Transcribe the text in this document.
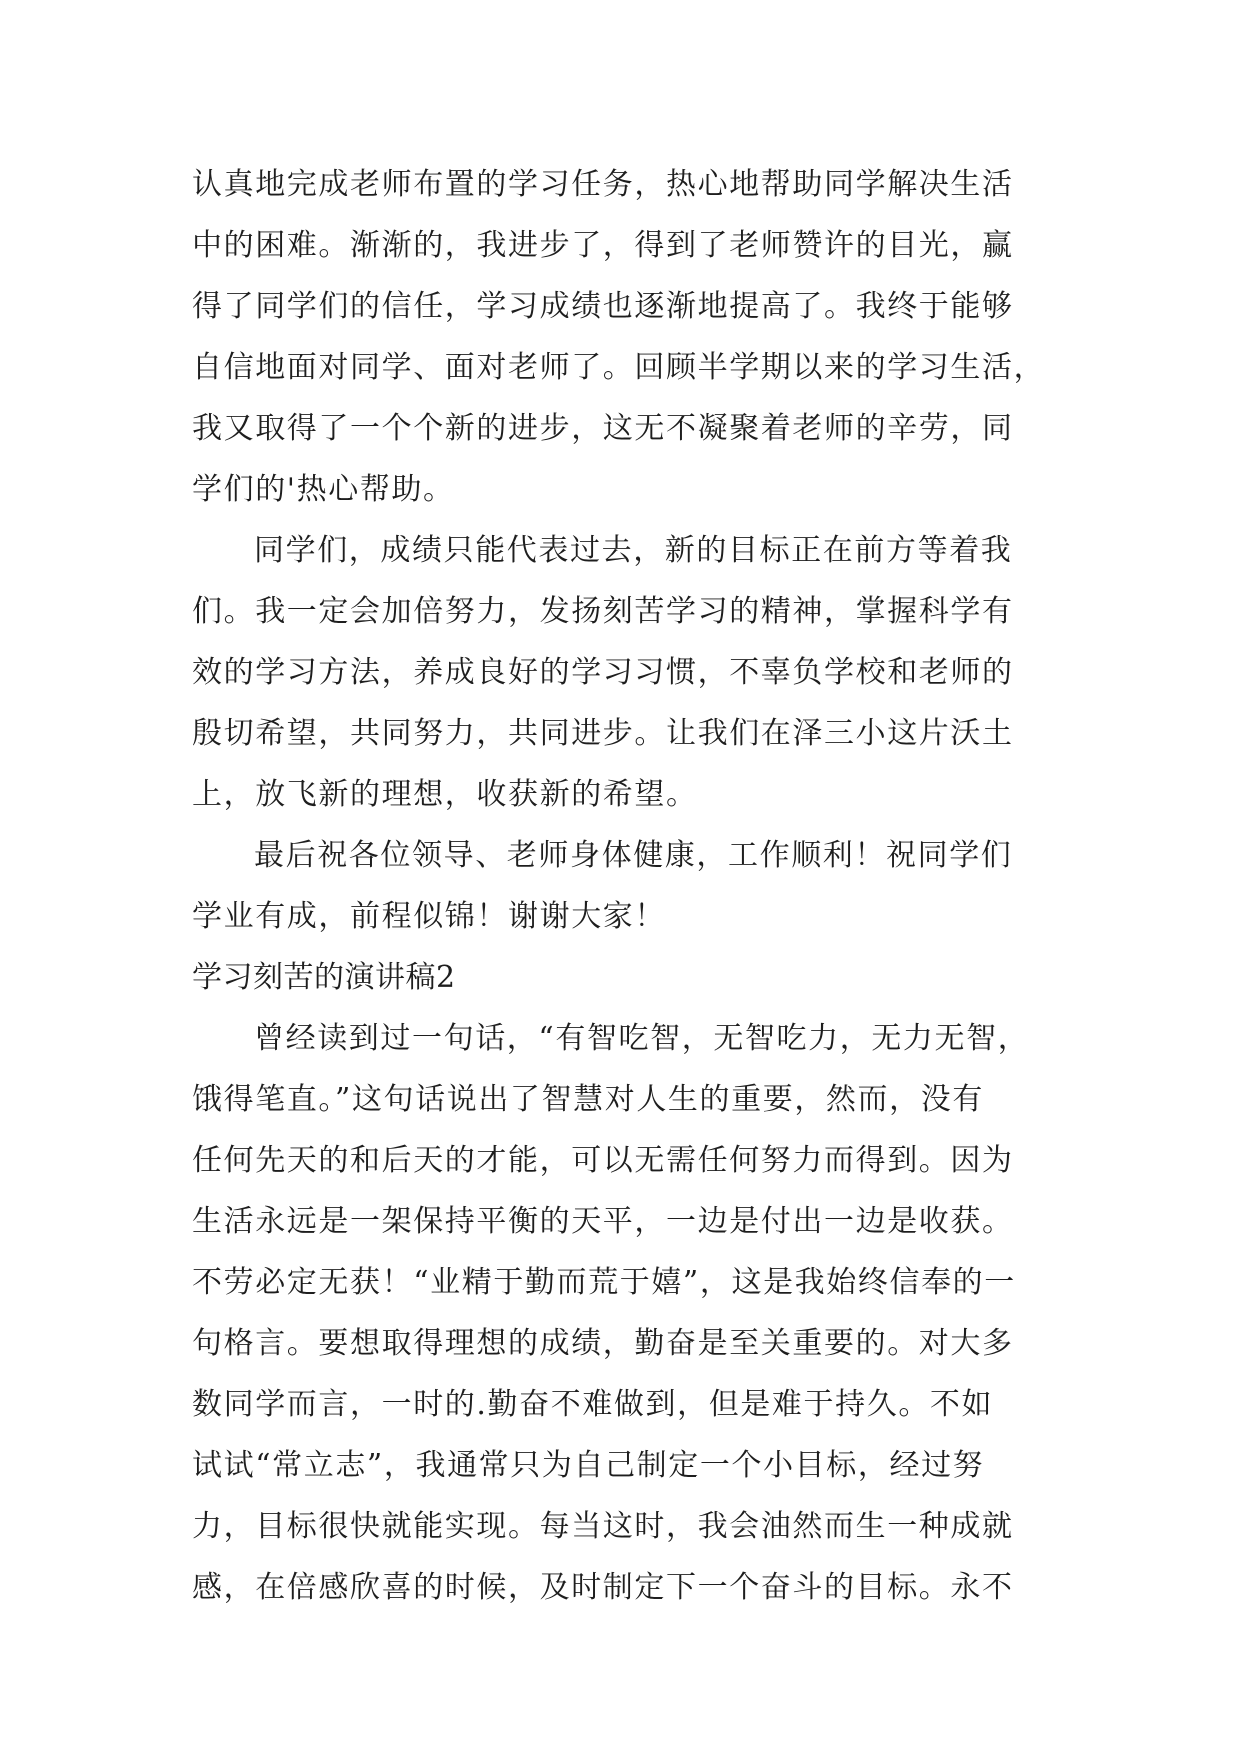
认真地完成老师布置的学习任务，热心地帮助同学解决生活
中的困难。渐渐的，我进步了，得到了老师赞许的目光，赢
得了同学们的信任，学习成绩也逐渐地提高了。我终于能够
自信地面对同学、面对老师了。回顾半学期以来的学习生活，
我又取得了一个个新的进步，这无不凝聚着老师的辛劳，同
学们的'热心帮助。
同学们，成绩只能代表过去，新的目标正在前方等着我
们。我一定会加倍努力，发扬刻苦学习的精神，掌握科学有
效的学习方法，养成良好的学习习惯，不辜负学校和老师的
殷切希望，共同努力，共同进步。让我们在泽三小这片沃土
上，放飞新的理想，收获新的希望。
最后祝各位领导、老师身体健康，工作顺利！祝同学们
学业有成，前程似锦！谢谢大家！
学习刻苦的演讲稿2
曾经读到过一句话，“有智吃智，无智吃力，无力无智，
饿得笔直。”这句话说出了智慧对人生的重要，然而，没有
任何先天的和后天的才能，可以无需任何努力而得到。因为
生活永远是一架保持平衡的天平，一边是付出一边是收获。
不劳必定无获！“业精于勤而荒于嬉”，这是我始终信奉的一
句格言。要想取得理想的成绩，勤奋是至关重要的。对大多
数同学而言，一时的.勤奋不难做到，但是难于持久。不如
试试“常立志”，我通常只为自己制定一个小目标，经过努
力，目标很快就能实现。每当这时，我会油然而生一种成就
感，在倍感欣喜的时候，及时制定下一个奋斗的目标。永不
